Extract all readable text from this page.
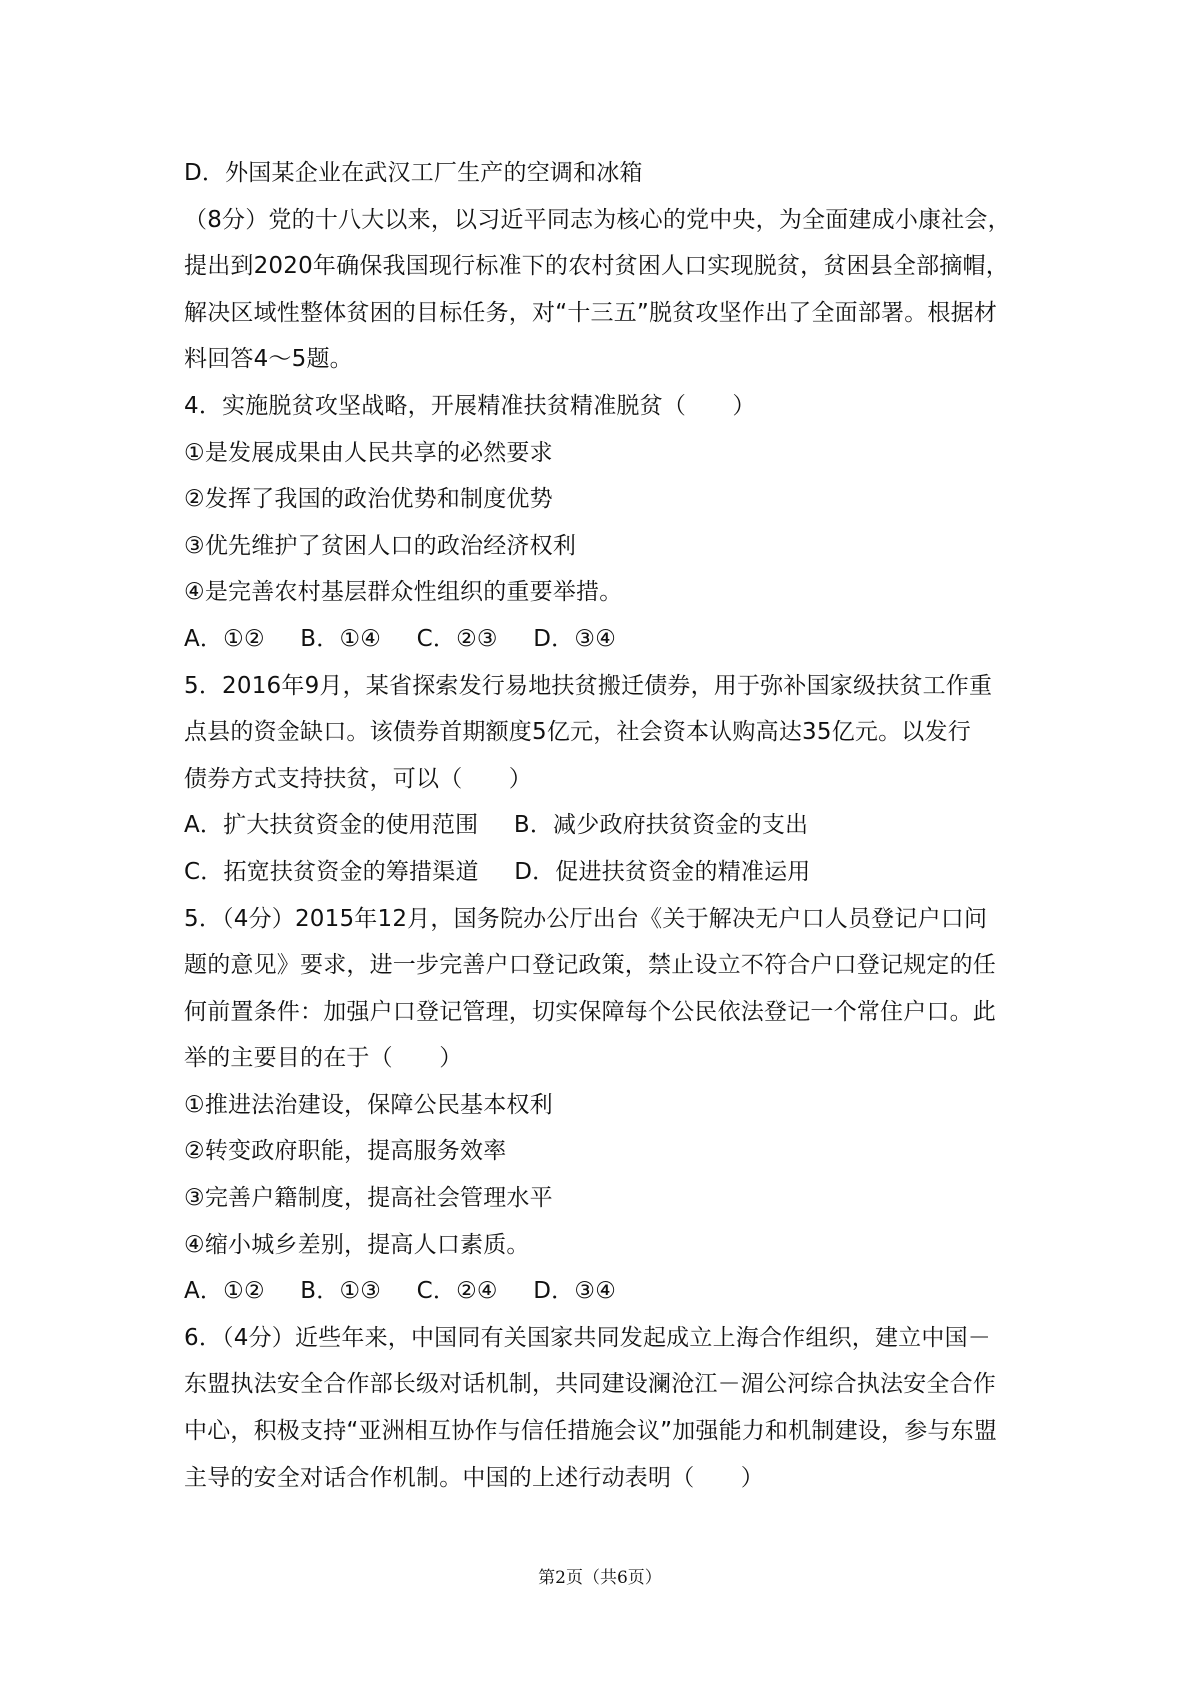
D．外国某企业在武汉工厂生产的空调和冰箱
（8分）党的十八大以来，以习近平同志为核心的党中央，为全面建成小康社会，
提出到2020年确保我国现行标准下的农村贫困人口实现脱贫，贫困县全部摘帽，
解决区域性整体贫困的目标任务，对“十三五”脱贫攻坚作出了全面部署。根据材
料回答4～5题。
4．实施脱贫攻坚战略，开展精准扶贫精准脱贫（　　）
①是发展成果由人民共享的必然要求
②发挥了我国的政治优势和制度优势
③优先维护了贫困人口的政治经济权利
④是完善农村基层群众性组织的重要举措。
A．①② B．①④ C．②③ D．③④
5．2016年9月，某省探索发行易地扶贫搬迁债券，用于弥补国家级扶贫工作重
点县的资金缺口。该债券首期额度5亿元，社会资本认购高达35亿元。以发行
债券方式支持扶贫，可以（　　）
A．扩大扶贫资金的使用范围 B．减少政府扶贫资金的支出
C．拓宽扶贫资金的筹措渠道 D．促进扶贫资金的精准运用
5．（4分）2015年12月，国务院办公厅出台《关于解决无户口人员登记户口问
题的意见》要求，进一步完善户口登记政策，禁止设立不符合户口登记规定的任
何前置条件：加强户口登记管理，切实保障每个公民依法登记一个常住户口。此
举的主要目的在于（　　）
①推进法治建设，保障公民基本权利
②转变政府职能，提高服务效率
③完善户籍制度，提高社会管理水平
④缩小城乡差别，提高人口素质。
A．①② B．①③ C．②④ D．③④
6．（4分）近些年来，中国同有关国家共同发起成立上海合作组织，建立中国－
东盟执法安全合作部长级对话机制，共同建设澜沧江－湄公河综合执法安全合作
中心，积极支持“亚洲相互协作与信任措施会议”加强能力和机制建设，参与东盟
主导的安全对话合作机制。中国的上述行动表明（　　）
第2页（共6页）
